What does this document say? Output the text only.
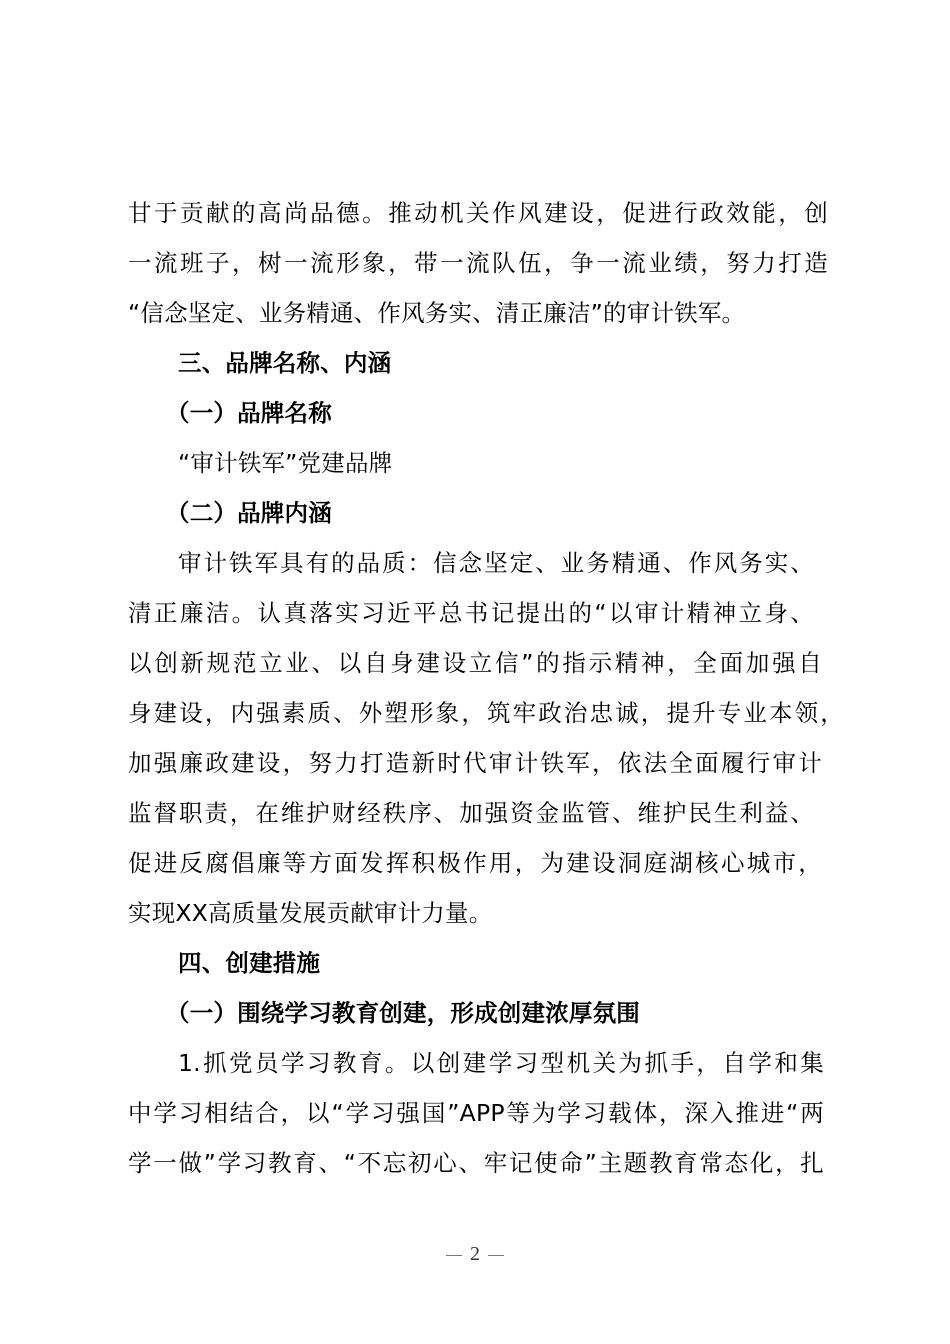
甘于贡献的高尚品德。推动机关作风建设，促进行政效能，创
一流班子，树一流形象，带一流队伍，争一流业绩，努力打造
“信念坚定、业务精通、作风务实、清正廉洁”的审计铁军。
三、品牌名称、内涵
（一）品牌名称
“审计铁军”党建品牌
（二）品牌内涵
审计铁军具有的品质：信念坚定、业务精通、作风务实、
清正廉洁。认真落实习近平总书记提出的“以审计精神立身、
以创新规范立业、以自身建设立信”的指示精神，全面加强自
身建设，内强素质、外塑形象，筑牢政治忠诚，提升专业本领，
加强廉政建设，努力打造新时代审计铁军，依法全面履行审计
监督职责，在维护财经秩序、加强资金监管、维护民生利益、
促进反腐倡廉等方面发挥积极作用，为建设洞庭湖核心城市，
实现XX高质量发展贡献审计力量。
四、创建措施
（一）围绕学习教育创建，形成创建浓厚氛围
1.抓党员学习教育。以创建学习型机关为抓手，自学和集
中学习相结合，以“学习强国”APP等为学习载体，深入推进“两
学一做”学习教育、“不忘初心、牢记使命”主题教育常态化，扎
2
